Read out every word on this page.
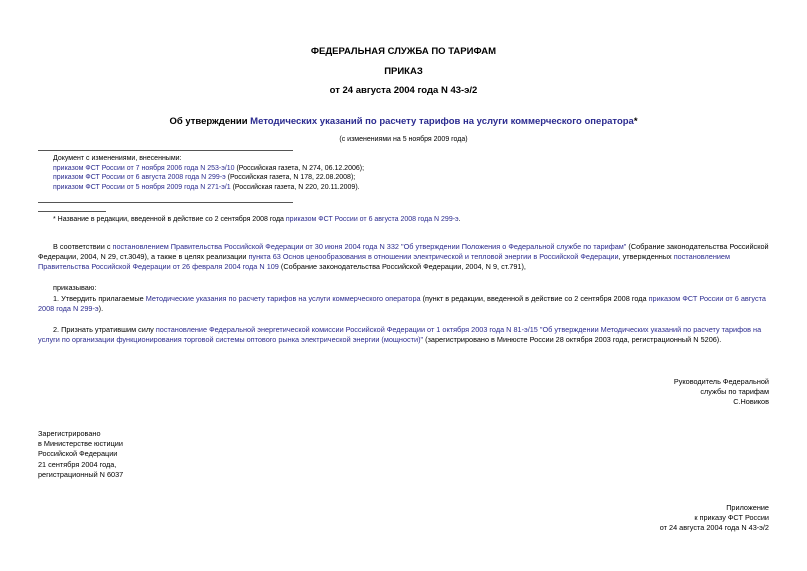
ФЕДЕРАЛЬНАЯ СЛУЖБА ПО ТАРИФАМ
ПРИКАЗ
от 24 августа 2004 года N 43-э/2
Об утверждении Методических указаний по расчету тарифов на услуги коммерческого оператора*
(с изменениями на 5 ноября 2009 года)
Документ с изменениями, внесенными:
приказом ФСТ России от 7 ноября 2006 года N 253-э/10 (Российская газета, N 274, 06.12.2006);
приказом ФСТ России от 6 августа 2008 года N 299-э (Российская газета, N 178, 22.08.2008);
приказом ФСТ России от 5 ноября 2009 года N 271-э/1 (Российская газета, N 220, 20.11.2009).
* Название в редакции, введенной в действие со 2 сентября 2008 года приказом ФСТ России от 6 августа 2008 года N 299-э.
В соответствии с постановлением Правительства Российской Федерации от 30 июня 2004 года N 332 "Об утверждении Положения о Федеральной службе по тарифам" (Собрание законодательства Российской Федерации, 2004, N 29, ст.3049), а также в целях реализации пункта 63 Основ ценообразования в отношении электрической и тепловой энергии в Российской Федерации, утвержденных постановлением Правительства Российской Федерации от 26 февраля 2004 года N 109 (Собрание законодательства Российской Федерации, 2004, N 9, ст.791),
приказываю:
1. Утвердить прилагаемые Методические указания по расчету тарифов на услуги коммерческого оператора (пункт в редакции, введенной в действие со 2 сентября 2008 года приказом ФСТ России от 6 августа 2008 года N 299-э).
2. Признать утратившим силу постановление Федеральной энергетической комиссии Российской Федерации от 1 октября 2003 года N 81-э/15 "Об утверждении Методических указаний по расчету тарифов на услуги по организации функционирования торговой системы оптового рынка электрической энергии (мощности)" (зарегистрировано в Минюсте России 28 октября 2003 года, регистрационный N 5206).
Руководитель Федеральной
службы по тарифам
С.Новиков
Зарегистрировано
в Министерстве юстиции
Российской Федерации
21 сентября 2004 года,
регистрационный N 6037
Приложение
к приказу ФСТ России
от 24 августа 2004 года N 43-э/2
